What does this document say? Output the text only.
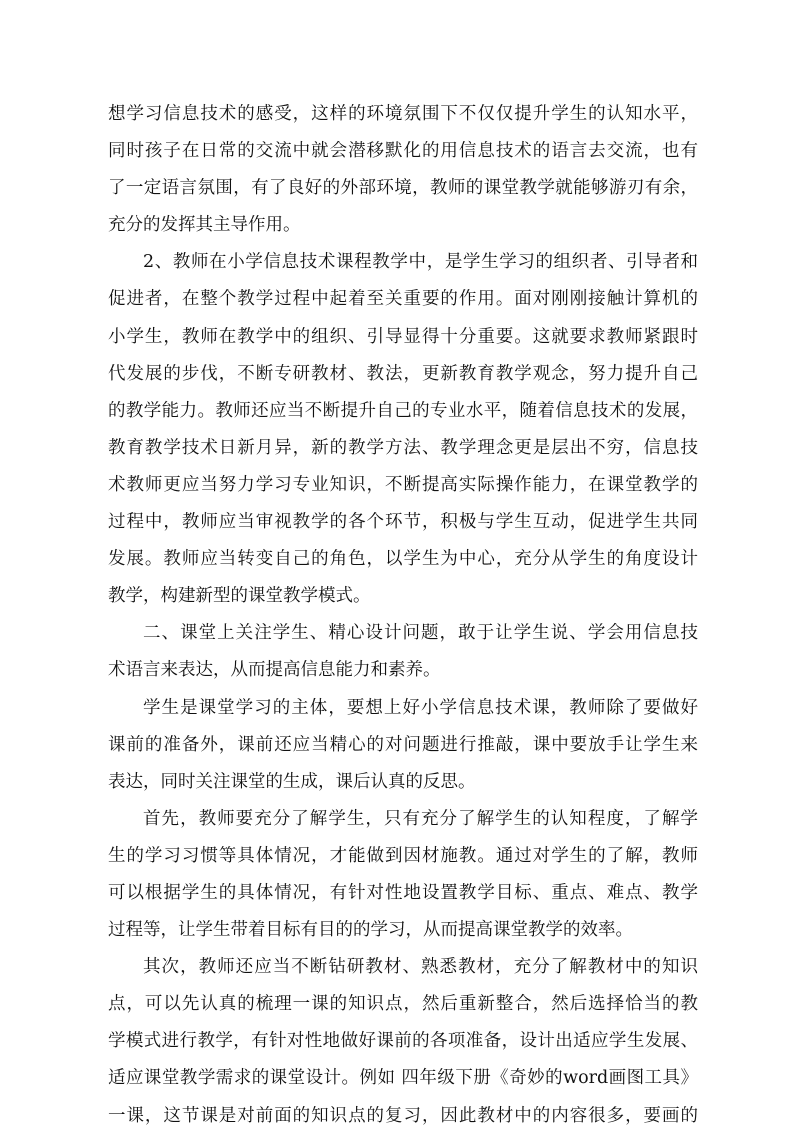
想学习信息技术的感受，这样的环境氛围下不仅仅提升学生的认知水平，
同时孩子在日常的交流中就会潜移默化的用信息技术的语言去交流，也有
了一定语言氛围，有了良好的外部环境，教师的课堂教学就能够游刃有余，
充分的发挥其主导作用。
2、教师在小学信息技术课程教学中，是学生学习的组织者、引导者和
促进者，在整个教学过程中起着至关重要的作用。面对刚刚接触计算机的
小学生，教师在教学中的组织、引导显得十分重要。这就要求教师紧跟时
代发展的步伐，不断专研教材、教法，更新教育教学观念，努力提升自己
的教学能力。教师还应当不断提升自己的专业水平，随着信息技术的发展，
教育教学技术日新月异，新的教学方法、教学理念更是层出不穷，信息技
术教师更应当努力学习专业知识，不断提高实际操作能力，在课堂教学的
过程中，教师应当审视教学的各个环节，积极与学生互动，促进学生共同
发展。教师应当转变自己的角色，以学生为中心，充分从学生的角度设计
教学，构建新型的课堂教学模式。
二、课堂上关注学生、精心设计问题，敢于让学生说、学会用信息技
术语言来表达，从而提高信息能力和素养。
学生是课堂学习的主体，要想上好小学信息技术课，教师除了要做好
课前的准备外，课前还应当精心的对问题进行推敲，课中要放手让学生来
表达，同时关注课堂的生成，课后认真的反思。
首先，教师要充分了解学生，只有充分了解学生的认知程度，了解学
生的学习习惯等具体情况，才能做到因材施教。通过对学生的了解，教师
可以根据学生的具体情况，有针对性地设置教学目标、重点、难点、教学
过程等，让学生带着目标有目的的学习，从而提高课堂教学的效率。
其次，教师还应当不断钻研教材、熟悉教材，充分了解教材中的知识
点，可以先认真的梳理一课的知识点，然后重新整合，然后选择恰当的教
学模式进行教学，有针对性地做好课前的各项准备，设计出适应学生发展、
适应课堂教学需求的课堂设计。例如 四年级下册《奇妙的word画图工具》
一课，这节课是对前面的知识点的复习，因此教材中的内容很多，要画的
